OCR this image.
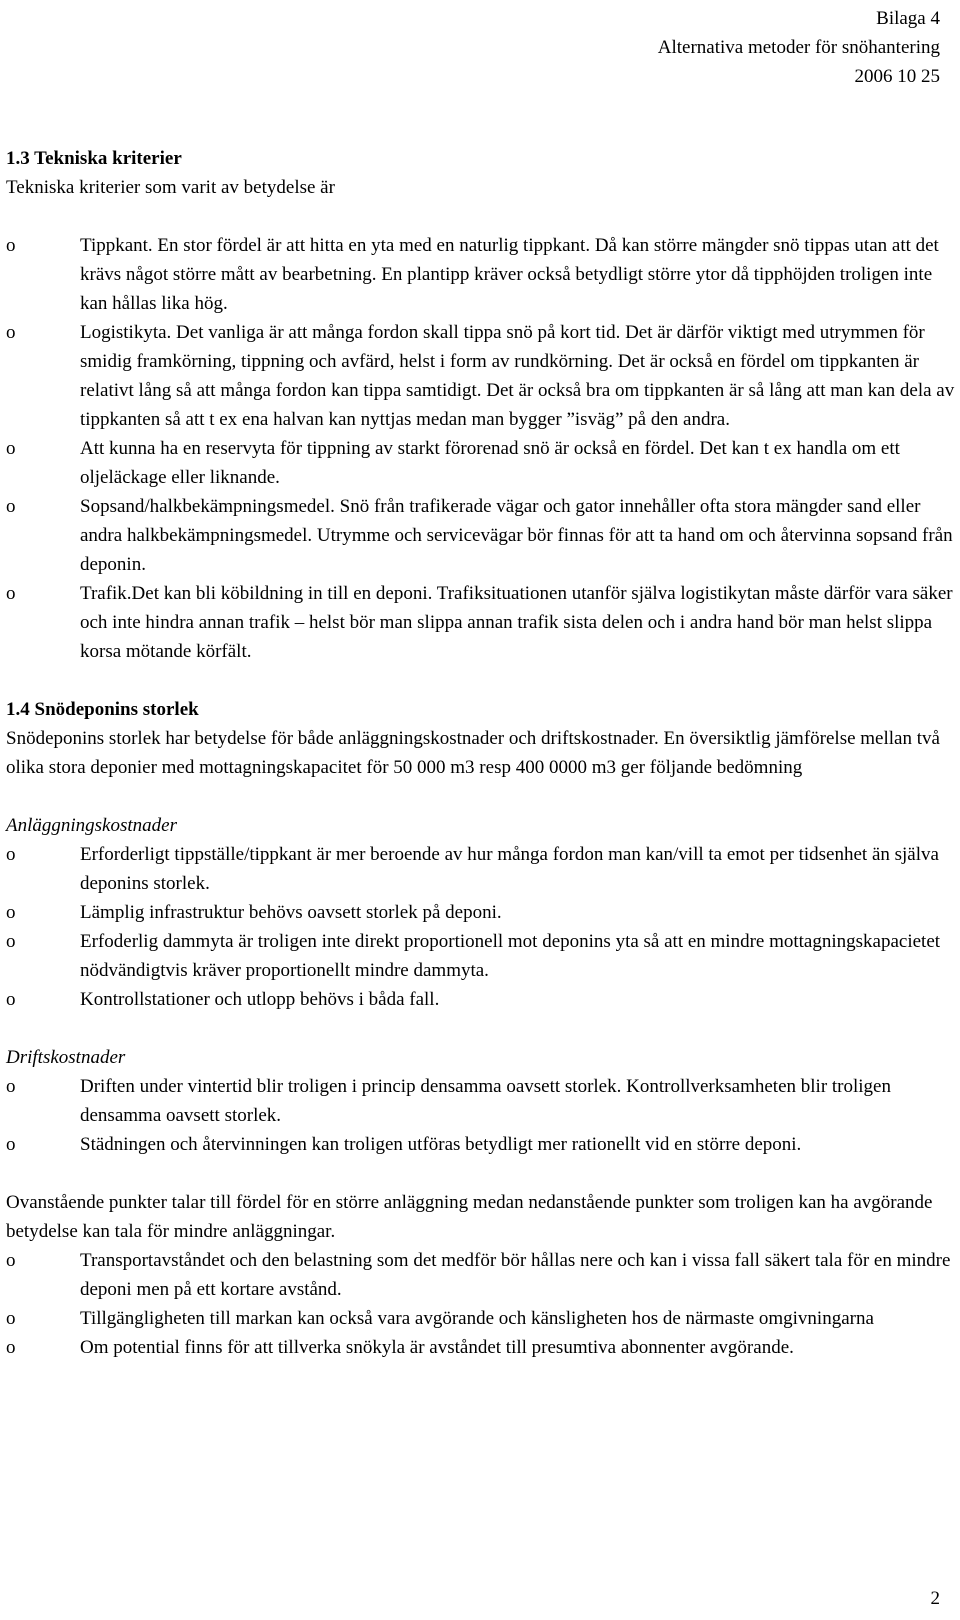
Bilaga 4
Alternativa metoder för snöhantering
2006 10 25

1.3 Tekniska kriterier

Tekniska kriterier som varit av betydelse är

o	Tippkant. En stor fördel är att hitta en yta med en naturlig tippkant. Då kan större mängder snö tippas utan att det krävs något större mått av bearbetning. En plantipp kräver också betydligt större ytor då tipphöjden troligen inte kan hållas lika hög.
o	Logistikyta. Det vanliga är att många fordon skall tippa snö på kort tid. Det är därför viktigt med utrymmen för smidig framkörning, tippning och avfärd, helst i form av rundkörning. Det är också en fördel om tippkanten är relativt lång så att många fordon kan tippa samtidigt. Det är också bra om tippkanten är så lång att man kan dela av tippkanten så att t ex ena halvan kan nyttjas medan man bygger ”isväg” på den andra.
o	Att kunna ha en reservyta för tippning av starkt förorenad snö är också en fördel. Det kan t ex handla om ett oljeläckage eller liknande.
o	Sopsand/halkbekämpningsmedel. Snö från trafikerade vägar och gator innehåller ofta stora mängder sand eller andra halkbekämpningsmedel. Utrymme och servicevägar bör finnas för att ta hand om och återvinna sopsand från deponin.
o	Trafik.Det kan bli köbildning in till en deponi. Trafiksituationen utanför själva logistikytan måste därför vara säker och inte hindra annan trafik – helst bör man slippa annan trafik sista delen och i andra hand bör man helst slippa korsa mötande körfält.

1.4 Snödeponins storlek

Snödeponins storlek har betydelse för både anläggningskostnader och driftskostnader. En översiktlig jämförelse mellan två olika stora deponier med mottagningskapacitet för 50 000 m3 resp 400 0000 m3 ger följande bedömning

Anläggningskostnader

o	Erforderligt tippställe/tippkant är mer beroende av hur många fordon man kan/vill ta emot per tidsenhet än själva deponins storlek.
o	Lämplig infrastruktur behövs oavsett storlek på deponi.
o	Erfoderlig dammyta är troligen inte direkt proportionell mot deponins yta så att en mindre mottagningskapacietet nödvändigtvis kräver proportionellt mindre dammyta.
o	Kontrollstationer och utlopp behövs i båda fall.

Driftskostnader

o	Driften under vintertid blir troligen i princip densamma oavsett storlek. Kontrollverksamheten blir troligen densamma oavsett storlek.
o	Städningen och återvinningen kan troligen utföras betydligt mer rationellt vid en större deponi.

Ovanstående punkter talar till fördel för en större anläggning medan nedanstående punkter som troligen kan ha avgörande betydelse kan tala för mindre anläggningar.

o	Transportavståndet och den belastning som det medför bör hållas nere och kan i vissa fall säkert tala för en mindre deponi men på ett kortare avstånd.
o	Tillgängligheten till markan kan också vara avgörande och känsligheten hos de närmaste omgivningarna
o	Om potential finns för att tillverka snökyla är avståndet till presumtiva abonnenter avgörande.
2
